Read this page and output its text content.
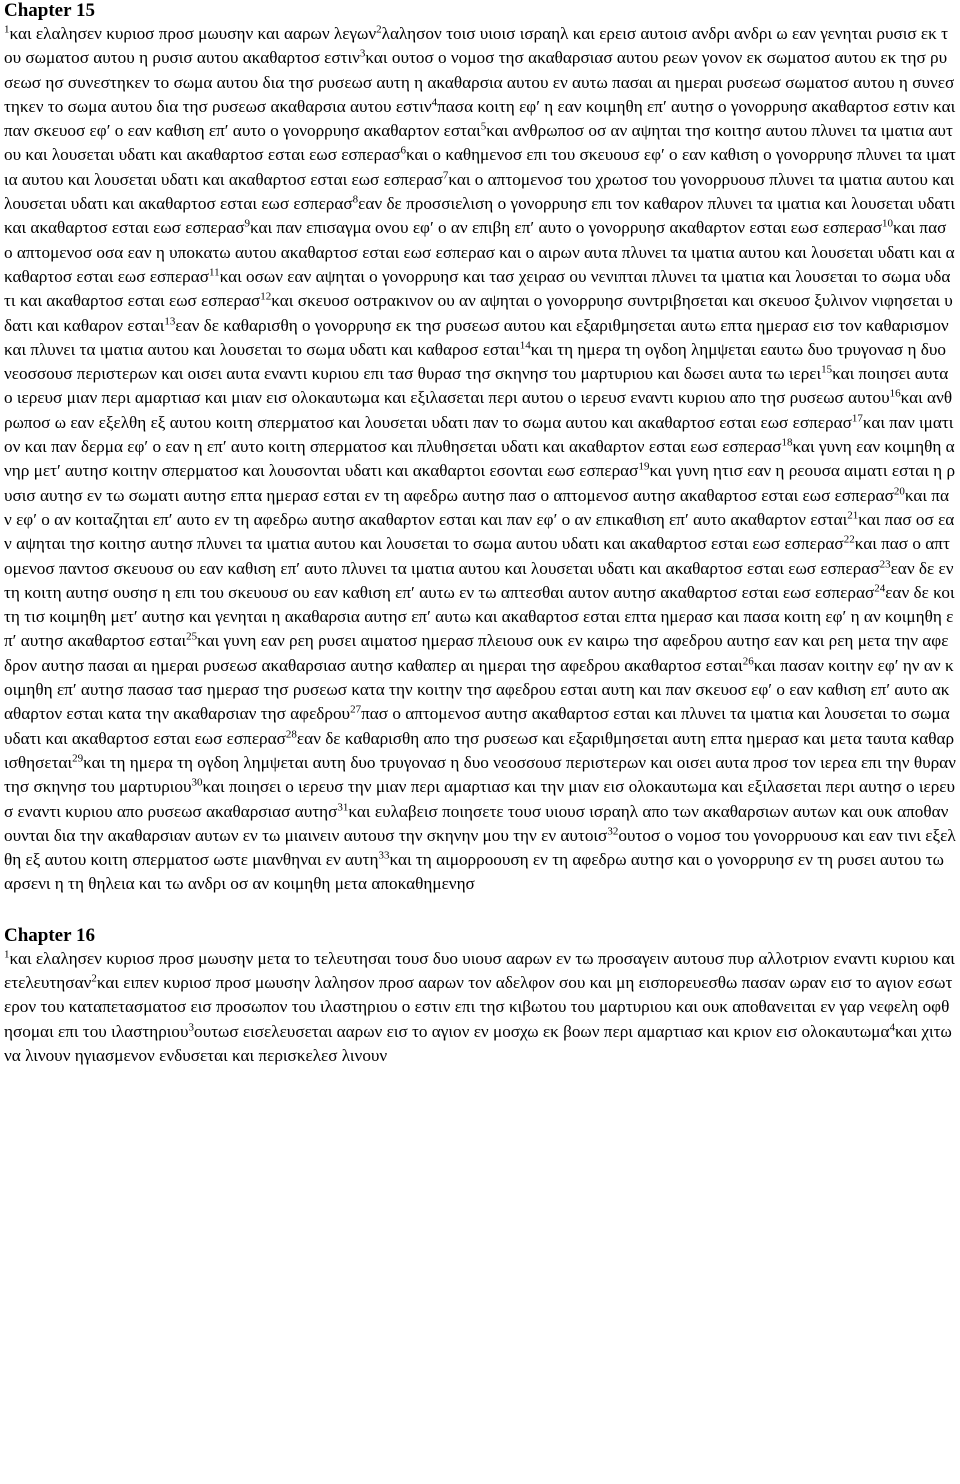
Chapter 15

$^1$και ελαλησεν κυριοσ προσ μωυσην και ααρων λεγων$^2$λαλησον τοισ υιοισ ισραηλ και ερεισ αυτοισ ανδρι ανδρι ω εαν γενηται ρυσισ εκ του σωματοσ αυτου η ρυσισ αυτου ακαθαρτοσ εστιν$^3$και ουτοσ ο νομοσ τησ ακαθαρσιασ αυτου ρεων γονον εκ σωματοσ αυτου εκ τησ ρυσεωσ ησ συνεστηκεν το σωμα αυτου δια τησ ρυσεωσ αυτη η ακαθαρσια αυτου εν αυτω πασαι αι ημεραι ρυσεωσ σωματοσ αυτου η συνεστηκεν το σωμα αυτου δια τησ ρυσεωσ ακαθαρσια αυτου εστιν$^4$πασα κοιτη εφ′ η εαν κοιμηθη επ′ αυτησ ο γονορρυησ ακαθαρτοσ εστιν και παν σκευοσ εφ′ ο εαν καθιση επ′ αυτο ο γονορρυησ ακαθαρτον εσται$^5$και ανθρωποσ οσ αν αψηται τησ κοιτησ αυτου πλυνει τα ιματια αυτου και λουσεται υδατι και ακαθαρτοσ εσται εωσ εσπερασ$^6$και ο καθημενοσ επι του σκευουσ εφ′ ο εαν καθιση ο γονορρυησ πλυνει τα ιματια αυτου και λουσεται υδατι και ακαθαρτοσ εσται εωσ εσπερασ$^7$και ο απτομενοσ του χρωτοσ του γονορρυουσ πλυνει τα ιματια αυτου και λουσεται υδατι και ακαθαρτοσ εσται εωσ εσπερασ$^8$εαν δε προσσιελιση ο γονορρυησ επι τον καθαρον πλυνει τα ιματια και λουσεται υδατι και ακαθαρτοσ εσται εωσ εσπερασ$^9$και παν επισαγμα ονου εφ′ ο αν επιβη επ′ αυτο ο γονορρυησ ακαθαρτον εσται εωσ εσπερασ$^{10}$και πασ ο απτομενοσ οσα εαν η υποκατω αυτου ακαθαρτοσ εσται εωσ εσπερασ και ο αιρων αυτα πλυνει τα ιματια αυτου και λουσεται υδατι και ακαθαρτοσ εσται εωσ εσπερασ$^{11}$και οσων εαν αψηται ο γονορρυησ και τασ χειρασ ου νενιπται πλυνει τα ιματια και λουσεται το σωμα υδατι και ακαθαρτοσ εσται εωσ εσπερασ$^{12}$και σκευοσ οστρακινον ου αν αψηται ο γονορρυησ συντριβησεται και σκευοσ ξυλινον νιφησεται υδατι και καθαρον εσται$^{13}$εαν δε καθαρισθη ο γονορρυησ εκ τησ ρυσεωσ αυτου και εξαριθμησεται αυτω επτα ημερασ εισ τον καθαρισμον και πλυνει τα ιματια αυτου και λουσεται το σωμα υδατι και καθαροσ εσται$^{14}$και τη ημερα τη ογδοη λημψεται εαυτω δυο τρυγονασ η δυο νεοσσουσ περιστερων και οισει αυτα εναντι κυριου επι τασ θυρασ τησ σκηνησ του μαρτυριου και δωσει αυτα τω ιερει$^{15}$και ποιησει αυτα ο ιερευσ μιαν περι αμαρτιασ και μιαν εισ ολοκαυτωμα και εξιλασεται περι αυτου ο ιερευσ εναντι κυριου απο τησ ρυσεωσ αυτου$^{16}$και ανθρωποσ ω εαν εξελθη εξ αυτου κοιτη σπερματοσ και λουσεται υδατι παν το σωμα αυτου και ακαθαρτοσ εσται εωσ εσπερασ$^{17}$και παν ιματιον και παν δερμα εφ′ ο εαν η επ′ αυτο κοιτη σπερματοσ και πλυθησεται υδατι και ακαθαρτον εσται εωσ εσπερασ$^{18}$και γυνη εαν κοιμηθη ανηρ μετ′ αυτησ κοιτην σπερματοσ και λουσονται υδατι και ακαθαρτοι εσονται εωσ εσπερασ$^{19}$και γυνη ητισ εαν η ρεουσα αιματι εσται η ρυσισ αυτησ εν τω σωματι αυτησ επτα ημερασ εσται εν τη αφεδρω αυτησ πασ ο απτομενοσ αυτησ ακαθαρτοσ εσται εωσ εσπερασ$^{20}$και παν εφ′ ο αν κοιταζηται επ′ αυτο εν τη αφεδρω αυτησ ακαθαρτον εσται και παν εφ′ ο αν επικαθιση επ′ αυτο ακαθαρτον εσται$^{21}$και πασ οσ εαν αψηται τησ κοιτησ αυτησ πλυνει τα ιματια αυτου και λουσεται το σωμα αυτου υδατι και ακαθαρτοσ εσται εωσ εσπερασ$^{22}$και πασ ο απτομενοσ παντοσ σκευουσ ου εαν καθιση επ′ αυτο πλυνει τα ιματια αυτου και λουσεται υδατι και ακαθαρτοσ εσται εωσ εσπερασ$^{23}$εαν δε εν τη κοιτη αυτησ ουσησ η επι του σκευουσ ου εαν καθιση επ′ αυτω εν τω απτεσθαι αυτον αυτησ ακαθαρτοσ εσται εωσ εσπερασ$^{24}$εαν δε κοιτη τισ κοιμηθη μετ′ αυτησ και γενηται η ακαθαρσια αυτησ επ′ αυτω και ακαθαρτοσ εσται επτα ημερασ και πασα κοιτη εφ′ η αν κοιμηθη επ′ αυτησ ακαθαρτοσ εσται$^{25}$και γυνη εαν ρεη ρυσει αιματοσ ημερασ πλειουσ ουκ εν καιρω τησ αφεδρου αυτησ εαν και ρεη μετα την αφεδρον αυτησ πασαι αι ημεραι ρυσεωσ ακαθαρσιασ αυτησ καθαπερ αι ημεραι τησ αφεδρου ακαθαρτοσ εσται$^{26}$και πασαν κοιτην εφ′ ην αν κοιμηθη επ′ αυτησ πασασ τασ ημερασ τησ ρυσεωσ κατα την κοιτην τησ αφεδρου εσται αυτη και παν σκευοσ εφ′ ο εαν καθιση επ′ αυτο ακαθαρτον εσται κατα την ακαθαρσιαν τησ αφεδρου$^{27}$πασ ο απτομενοσ αυτησ ακαθαρτοσ εσται και πλυνει τα ιματια και λουσεται το σωμα υδατι και ακαθαρτοσ εσται εωσ εσπερασ$^{28}$εαν δε καθαρισθη απο τησ ρυσεωσ και εξαριθμησεται αυτη επτα ημερασ και μετα ταυτα καθαρισθησεται$^{29}$και τη ημερα τη ογδοη λημψεται αυτη δυο τρυγονασ η δυο νεοσσουσ περιστερων και οισει αυτα προσ τον ιερεα επι την θυραν τησ σκηνησ του μαρτυριου$^{30}$και ποιησει ο ιερευσ την μιαν περι αμαρτιασ και την μιαν εισ ολοκαυτωμα και εξιλασεται περι αυτησ ο ιερευσ εναντι κυριου απο ρυσεωσ ακαθαρσιασ αυτησ$^{31}$και ευλαβεισ ποιησετε τουσ υιουσ ισραηλ απο των ακαθαρσιων αυτων και ουκ αποθανουνται δια την ακαθαρσιαν αυτων εν τω μιαινειν αυτουσ την σκηνην μου την εν αυτοισ$^{32}$ουτοσ ο νομοσ του γονορρυουσ και εαν τινι εξελθη εξ αυτου κοιτη σπερματοσ ωστε μιανθηναι εν αυτη$^{33}$και τη αιμορροουση εν τη αφεδρω αυτησ και ο γονορρυησ εν τη ρυσει αυτου τω αρσενι η τη θηλεια και τω ανδρι οσ αν κοιμηθη μετα αποκαθημενησ

Chapter 16

$^1$και ελαλησεν κυριοσ προσ μωυσην μετα το τελευτησαι τουσ δυο υιουσ ααρων εν τω προσαγειν αυτουσ πυρ αλλοτριον εναντι κυριου και ετελευτησαν$^2$και ειπεν κυριοσ προσ μωυσην λαλησον προσ ααρων τον αδελφον σου και μη εισπορευεσθω πασαν ωραν εισ το αγιον εσωτερον του καταπετασματοσ εισ προσωπον του ιλαστηριου ο εστιν επι τησ κιβωτου του μαρτυριου και ουκ αποθανειται εν γαρ νεφελη οφθησομαι επι του ιλαστηριου$^3$ουτωσ εισελευσεται ααρων εισ το αγιον εν μοσχω εκ βοων περι αμαρτιασ και κριον εισ ολοκαυτωμα$^4$και χιτωνα λινουν ηγιασμενον ενδυσεται και περισκελεσ λινουν
